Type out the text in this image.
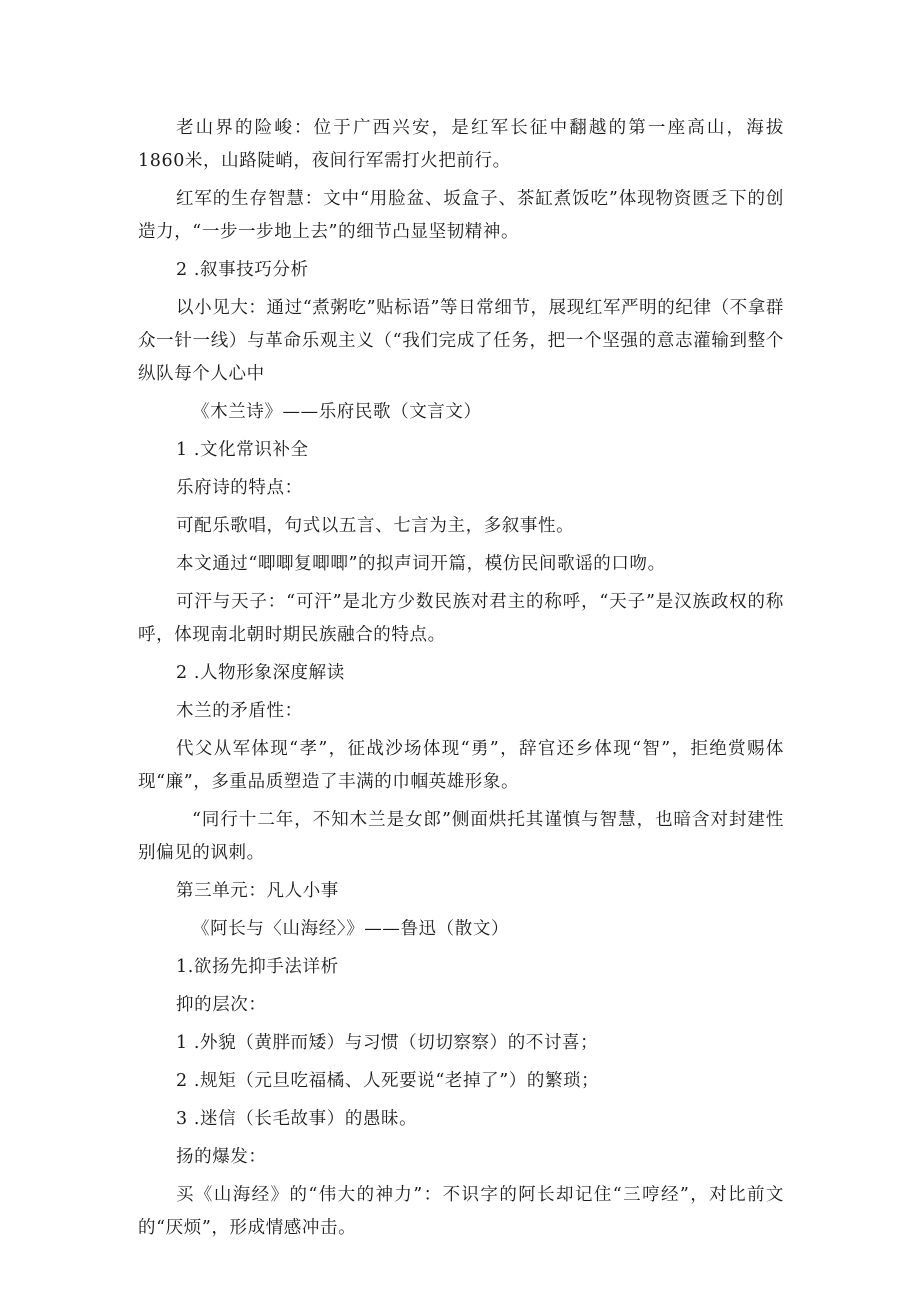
老山界的险峻：位于广西兴安，是红军长征中翻越的第一座高山，海拔1860米，山路陡峭，夜间行军需打火把前行。

红军的生存智慧：文中“用脸盆、坂盒子、茶缸煮饭吃”体现物资匮乏下的创造力，“一步一步地上去”的细节凸显坚韧精神。

2 .叙事技巧分析

以小见大：通过“煮粥吃”贴标语”等日常细节，展现红军严明的纪律（不拿群众一针一线）与革命乐观主义（“我们完成了任务，把一个坚强的意志灌输到整个纵队每个人心中

《木兰诗》——乐府民歌（文言文）

1 .文化常识补全

乐府诗的特点：

可配乐歌唱，句式以五言、七言为主，多叙事性。

本文通过“唧唧复唧唧”的拟声词开篇，模仿民间歌谣的口吻。

可汗与天子：“可汗”是北方少数民族对君主的称呼，“天子”是汉族政权的称呼，体现南北朝时期民族融合的特点。

2 .人物形象深度解读

木兰的矛盾性：

代父从军体现“孝”，征战沙场体现“勇”，辞官还乡体现“智”，拒绝赏赐体现“廉”，多重品质塑造了丰满的巾帼英雄形象。

“同行十二年，不知木兰是女郎”侧面烘托其谨慎与智慧，也暗含对封建性别偏见的讽刺。

第三单元：凡人小事

《阿长与〈山海经〉》——鲁迅（散文）

1.欲扬先抑手法详析

抑的层次：

1 .外貌（黄胖而矮）与习惯（切切察察）的不讨喜；

2 .规矩（元旦吃福橘、人死要说“老掉了”）的繁琐；

3 .迷信（长毛故事）的愚昧。

扬的爆发：

买《山海经》的“伟大的神力”：不识字的阿长却记住“三哼经”，对比前文的“厌烦”，形成情感冲击。
